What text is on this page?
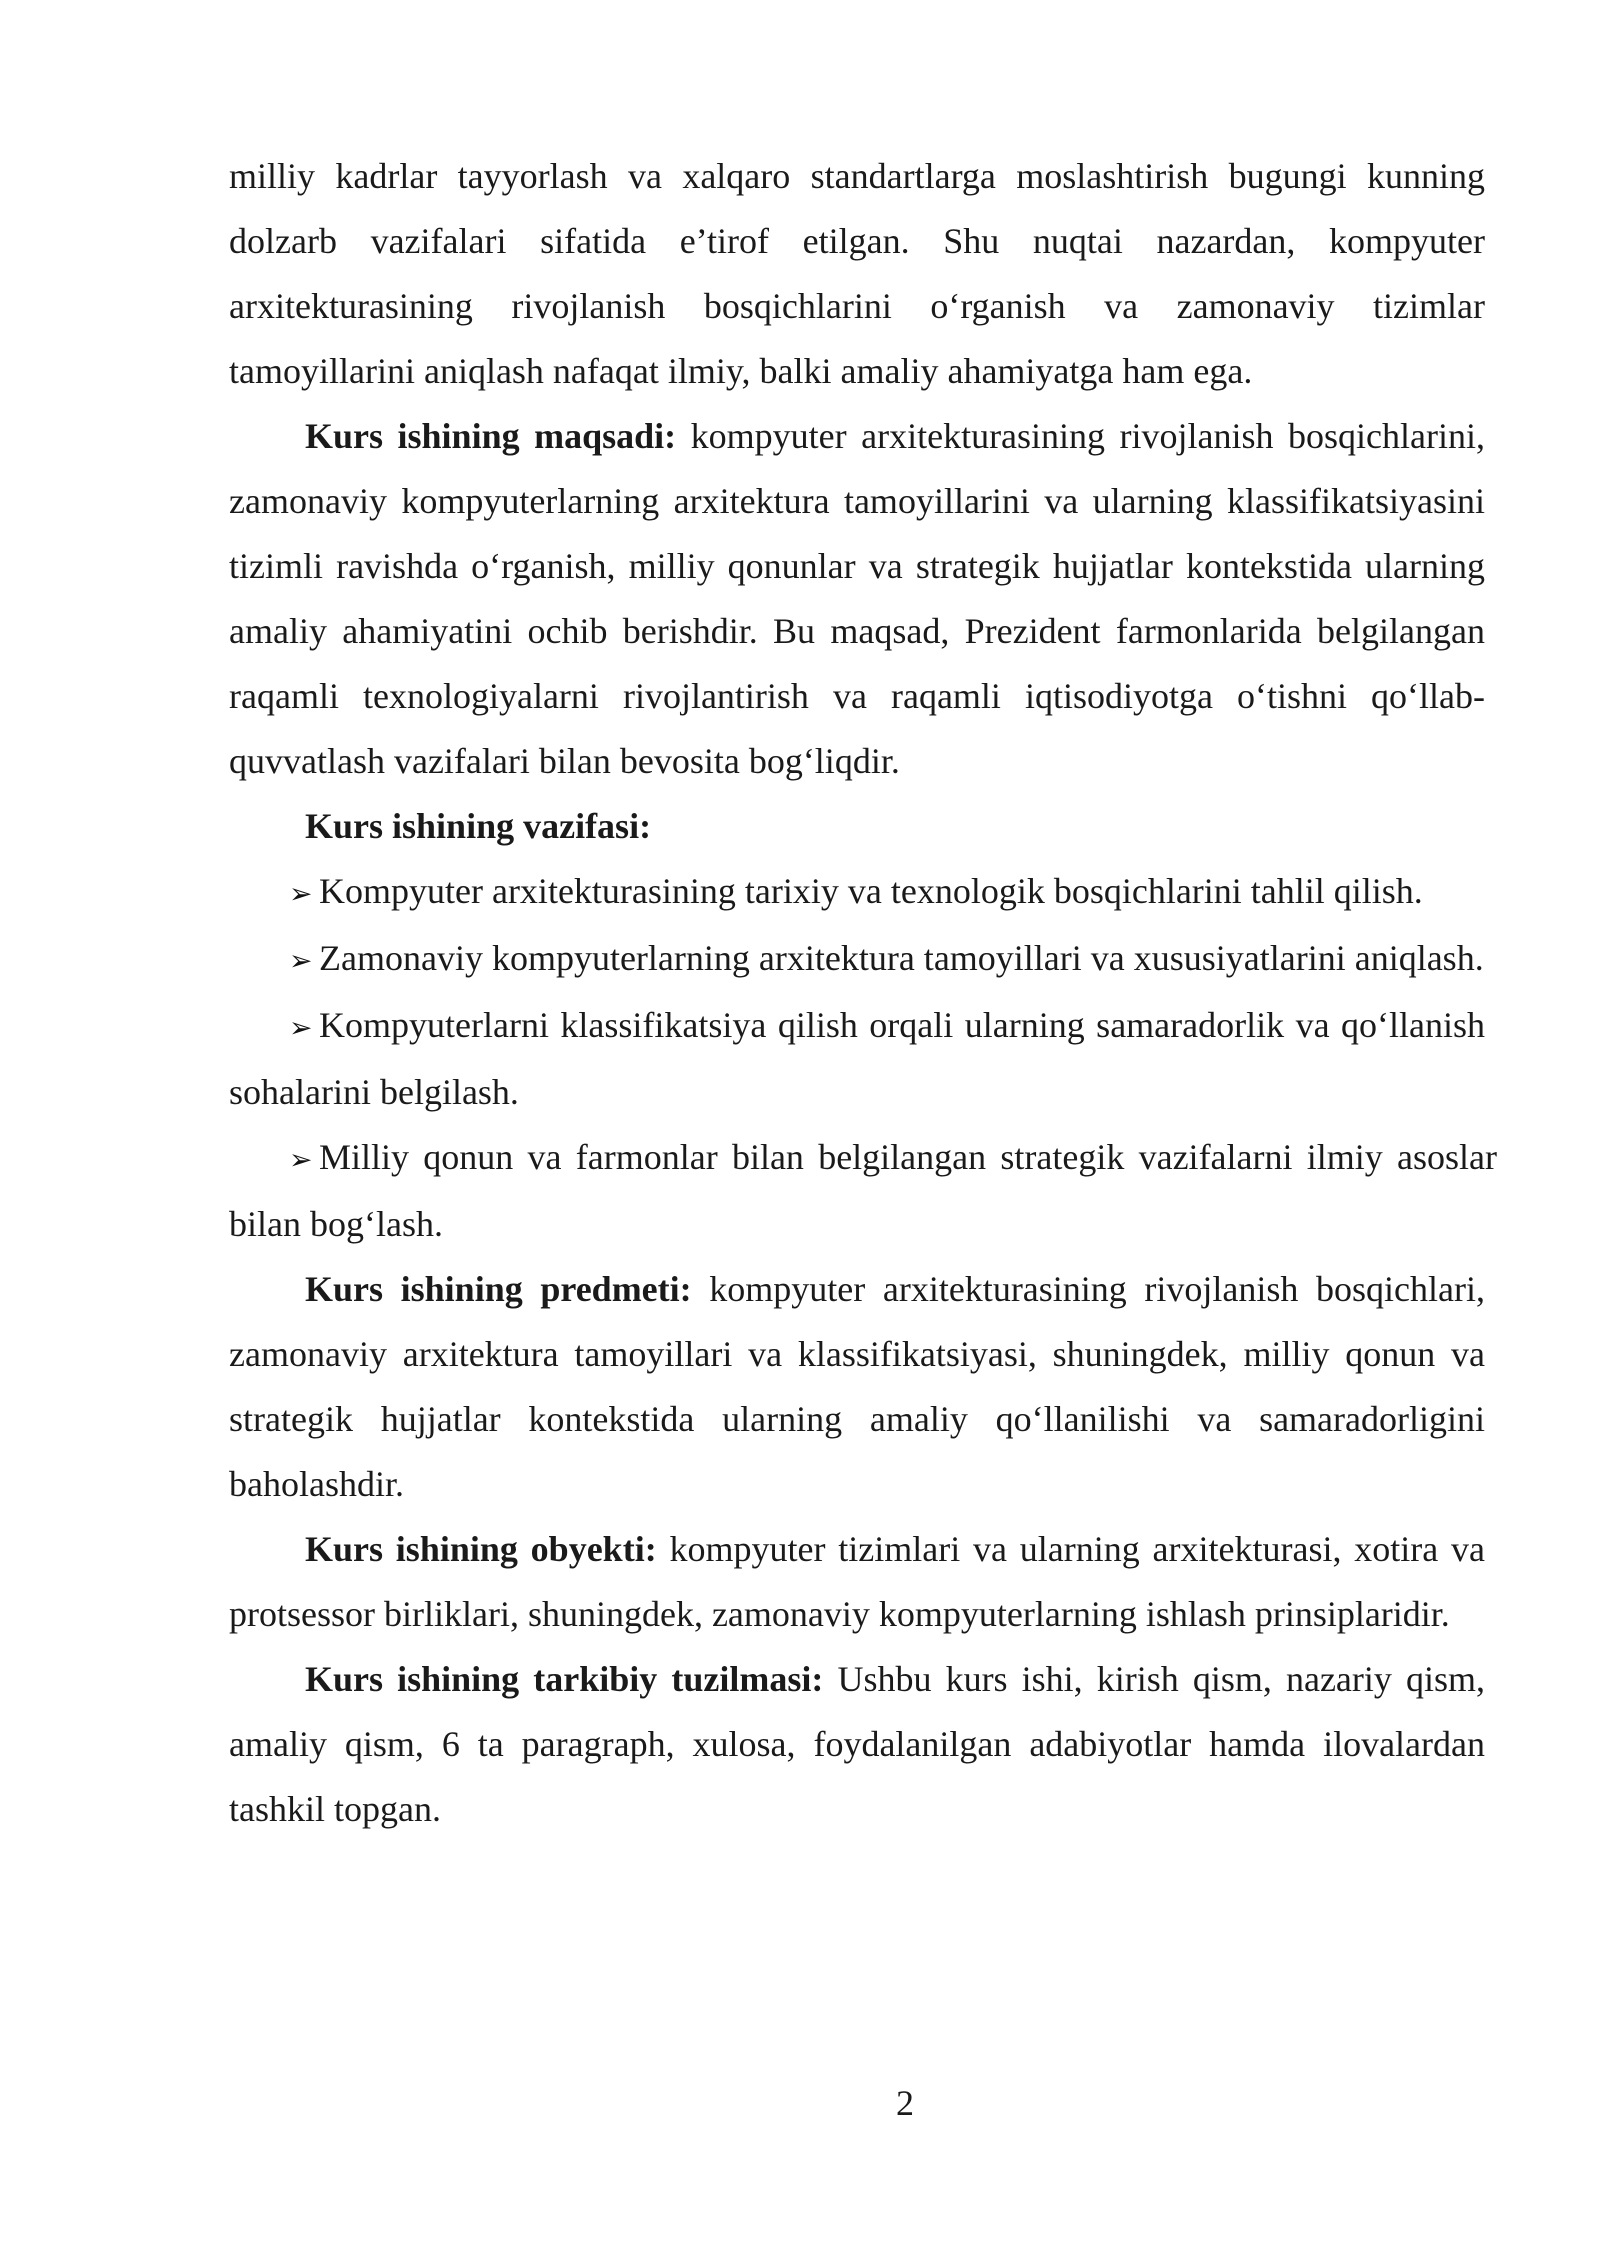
milliy kadrlar tayyorlash va xalqaro standartlarga moslashtirish bugungi kunning dolzarb vazifalari sifatida e’tirof etilgan. Shu nuqtai nazardan, kompyuter arxitekturasining rivojlanish bosqichlarini o‘rganish va zamonaviy tizimlar tamoyillarini aniqlash nafaqat ilmiy, balki amaliy ahamiyatga ham ega.

Kurs ishining maqsadi: kompyuter arxitekturasining rivojlanish bosqichlarini, zamonaviy kompyuterlarning arxitektura tamoyillarini va ularning klassifikatsiyasini tizimli ravishda o‘rganish, milliy qonunlar va strategik hujjatlar kontekstida ularning amaliy ahamiyatini ochib berishdir. Bu maqsad, Prezident farmonlarida belgilangan raqamli texnologiyalarni rivojlantirish va raqamli iqtisodiyotga o‘tishni qo‘llab-quvvatlash vazifalari bilan bevosita bog‘liqdir.

Kurs ishining vazifasi:

➢ Kompyuter arxitekturasining tarixiy va texnologik bosqichlarini tahlil qilish.

➢ Zamonaviy kompyuterlarning arxitektura tamoyillari va xususiyatlarini aniqlash.

➢ Kompyuterlarni klassifikatsiya qilish orqali ularning samaradorlik va qo‘llanish sohalarini belgilash.

➢ Milliy qonun va farmonlar bilan belgilangan strategik vazifalarni ilmiy asoslar bilan bog‘lash.

Kurs ishining predmeti: kompyuter arxitekturasining rivojlanish bosqichlari, zamonaviy arxitektura tamoyillari va klassifikatsiyasi, shuningdek, milliy qonun va strategik hujjatlar kontekstida ularning amaliy qo‘llanilishi va samaradorligini baholashdir.

Kurs ishining obyekti: kompyuter tizimlari va ularning arxitekturasi, xotira va protsessor birliklari, shuningdek, zamonaviy kompyuterlarning ishlash prinsiplaridir.

Kurs ishining tarkibiy tuzilmasi: Ushbu kurs ishi, kirish qism, nazariy qism, amaliy qism, 6 ta paragraph, xulosa, foydalanilgan adabiyotlar hamda ilovalardan tashkil topgan.

2
